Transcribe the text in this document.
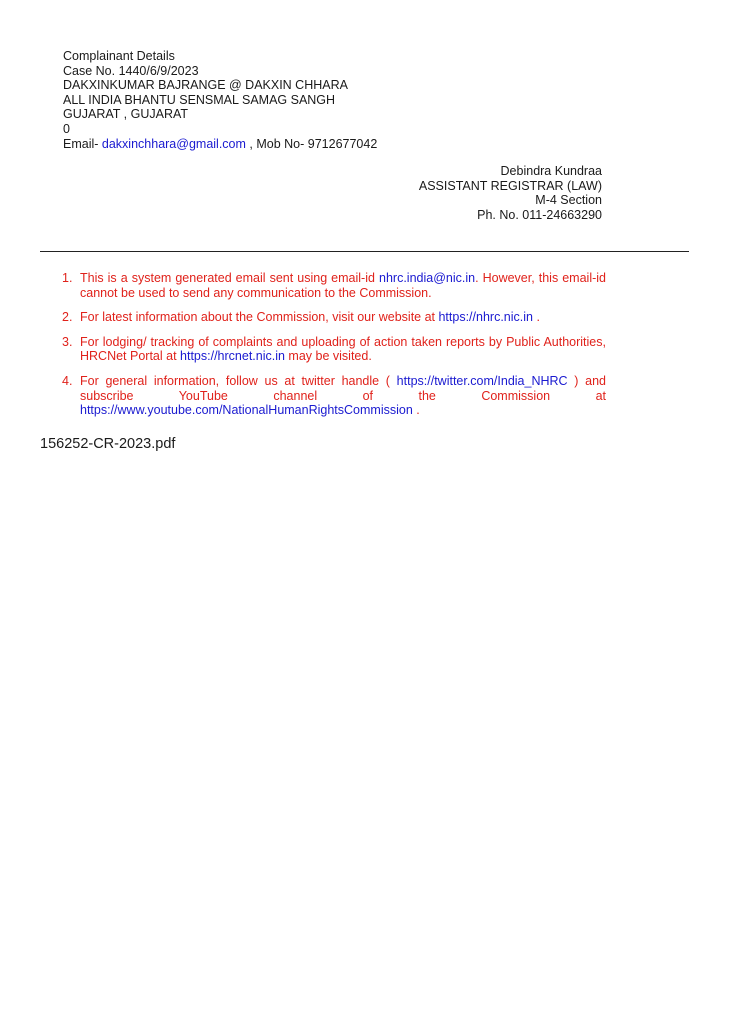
Complainant Details
Case No. 1440/6/9/2023
DAKXINKUMAR BAJRANGE @ DAKXIN CHHARA
ALL INDIA BHANTU SENSMAL SAMAG SANGH
GUJARAT , GUJARAT
0
Email- dakxinchhara@gmail.com , Mob No- 9712677042
Debindra Kundraa
ASSISTANT REGISTRAR (LAW)
M-4 Section
Ph. No. 011-24663290
1. This is a system generated email sent using email-id nhrc.india@nic.in. However, this email-id cannot be used to send any communication to the Commission.
2. For latest information about the Commission, visit our website at https://nhrc.nic.in .
3. For lodging/ tracking of complaints and uploading of action taken reports by Public Authorities, HRCNet Portal at https://hrcnet.nic.in may be visited.
4. For general information, follow us at twitter handle ( https://twitter.com/India_NHRC ) and subscribe YouTube channel of the Commission at https://www.youtube.com/NationalHumanRightsCommission .
156252-CR-2023.pdf
